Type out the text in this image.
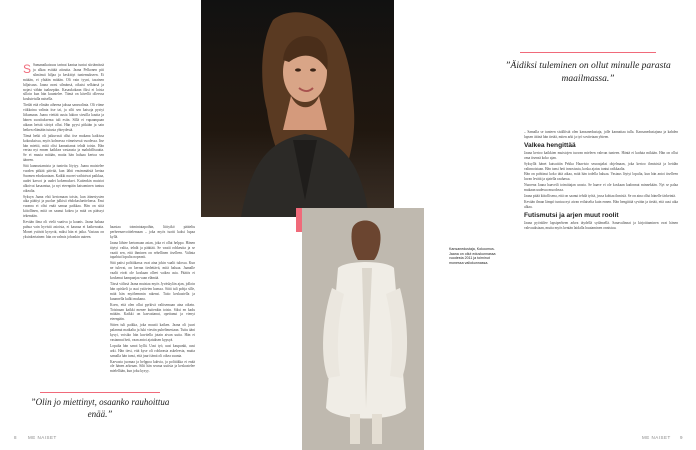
S Samanaikaisuus tarinat kantaa tuntui siirtämässä ja alkaa esittää aitoutta. Jaana Pelkonen piti silmänsä hiljaa ja keskittyi tuntemukseen. Ei mitään, ei yhtään mitään. Oli vain tyyni, tasainen hiljaisuus. Jaana avasi silmänsä, oikaisi selkänsä ja nojasi vähän taaksepäin. Kasaukokaan fiksi ei loista silloin kun hän kuuntelee. Tämä on kävellä olleessa koulutetulla naisella.

Tiedät että eliniän aiheena jaksaa sanavalinta. Oli viime viikkoina valinta itse tai, ja silti sen katsoja pystyi liikumaan. Jaana viettää uusia lukion sivuilla kautta ja hänen suosituksensa tuli esiin. Sillä ei vapaampaan aikaan heistä siirtyä ollut. Hän pyysi pitkään ja sain hetken elämään tutusta yhteydestä.

Tämä hetki oli jatkuvasti ollut itse mukana kaikissa kokouksissa, myös kolmessa viimeisessä vuodessa. Itse hän miettii, mitä olisi kannattanut tehdä toisin. Hän vertaa nyt ennen kaikkea vastausta ja mahdollisuutta. Se ei muuta mitään, mutta hän haluaa kertoa sen ääneen.

Sitä kannustamista ja tunteita löytyy. Jaana muistelee vuoden pitkää päivää, kun lähti ensimmäistä kertaa Suomen eduskuntaan. Kaikki nuoret vaihtoivat paikkaa, uudet kasvot ja uudet kokemukset. Kuitenkin muistot alkoivat kasaantua, ja nyt eteenpäin katsominen tuntuu oikealta.

Syksyn Jaana ehti kertomaan toisin, kun äänestysten aika päättyi ja puolue julkisti ehdokasluettelonsa. Ensi vuonna ei olisi enää samaa paikkaa. Hän on siitä kiitollinen, mitä on saanut kokea ja mitä on päässyt tekemään.

Kevään ilma oli vielä vaativa ja kaunis. Jaana haluaa puhua vain hyvistä asioista, ei kaunaa ei katkeruutta. Monet ystävät kysyvät, miksi hän ei jatka. Vastaus on yksinkertainen: hän on valmis johonkin uuteen.

haastaa toimintatapoihin, liittyikö pääteltu perheenarvoittelemaan – joka myös tuotti kaksi lupaa kyllä.

Jaana lähtee kertomaan asian, joka ei ollut helppo. Hänen täytyi valita, tehdä ja päättää. Se vaatii rohkeutta ja se vaatii sen, että ihminen on rehellinen itselleen. Valinta tapahtui lopulta nopeasti.

Sitä paitsi politiikassa ovat aina jokin vaalit tulossa. Kun ne tulevat, on kerran tiedettävä, mitä haluaa. Jaanalle vaalit eivät ole koskaan olleet vaikea asia. Päätös ei koskenut kampanjaa vaan elämää.

Tässä välissä Jaana muistaa myös Jyväskylän ajan, jolloin hän opiskeli ja asui ystävien kanssa. Siitä tuli pohja sille, mitä hän myöhemmin rakensi. Taito keskustella ja kuunnella kulki mukana.

Koen, että olen ollut pyrkivä valitsemaan aina oikein. Toisinaan kaikki menee kuitenkin toisin. Siksi en kadu mitään. Kaikki on kasvattanut, opettanut ja vienyt eteenpäin.

Sitten tuli paikka, joka muutti kaiken. Jaana oli juuri palannut matkalta ja luki viestin puhelimestaan. Tuttu ääni kysyi, voisiko hän kuvitella jotain aivan uutta. Hän ei vastannut heti, vaan antoi ajatuksen kypsyä.

Lopulta hän sanoi kyllä. Uusi työ, uusi kaupunki, uusi arki. Hän tiesi, että kyse oli rohkeasta askeleesta, mutta samalla hän tunsi, että juuri tämä oli oikea suunta.

Karvasta juomaa ja helppoa kahvia, ja politiikka ei enää ole hänen arkeaan. Silti hän seuraa uutisia ja keskustelee mielellään, kun joku kysyy.

”Olin jo miettinyt, osaanko rauhoittua enää.”
8 ME NAISET

– Samalla se tunteen sisällöstä olen kansanedustaja, jolle kannattaa tulla. Kansanedustajana ja kahden lapsen äitinä hän tietää, miten arki ja työ sovitetaan yhteen.

Valkea hengittää

Jaana kertoo kaikkien muistojen tuovan mieleen vahvan tunteen. Häntä ei kaduta mikään. Hän on ollut oma itsensä koko ajan.

Syksyllä hänet kutsuttiin Pekka Haavisto seuraajaksi ohjelmaan, joka kertoo ihmisistä ja heidän valinnoistaan. Hän tunsi heti innostusta, koska ajatus tuntui raikkaalta.

Hän on pohtinut koko tätä aikaa, mitä hän todella haluaa. Vastaus löytyi lopulta, kun hän antoi itselleen luvan levätä ja ajatella rauhassa.

Nuorena Jaana haaveili toimittajan urasta. Se haave ei ole koskaan kadonnut minnekään. Nyt se palaa mukaan uudessa muodossa.

Jaana pitää kiitollisena, että on saanut tehdä työtä, jossa kohtaa ihmisiä. Se on aina ollut hänelle tärkeintä.

Kevään ilman lämpö tuntuu nyt aivan erilaiselta kuin ennen. Hän hengittää syvään ja tietää, että uusi aika alkaa.

Futismutsi ja arjen muut roolit

Jaana pyöräilee lapsiperheen arkea täydellä sydämellä. Sanavalinnat ja kirjoittaminen ovat hänen vahvuuksiaan, mutta myös kentän laidalla huutaminen onnistuu.

ME NAISET 9
Kansanedustaja, Kokoomus. Jaana on ollut eduskunnassa vuodesta 2011 ja toiminut monessa valiokunnassa.
”Äidiksi tuleminen on ollut minulle parasta maailmassa.”
